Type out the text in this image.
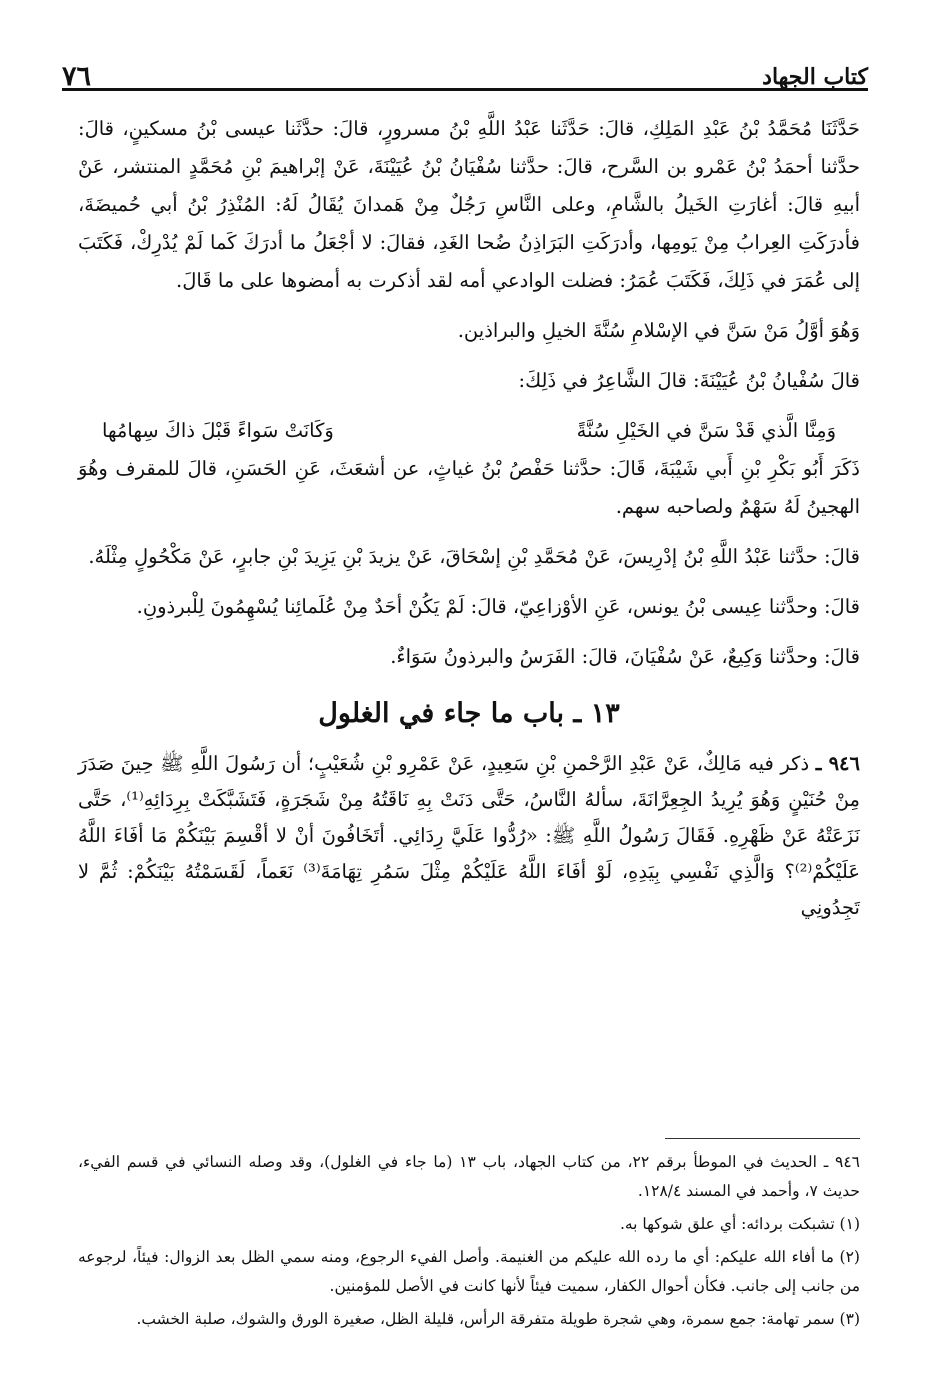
كتاب الجهاد
٧٦

حَدَّثَنَا مُحَمَّدُ بْنُ عَبْدِ المَلِكِ، قالَ: حَدَّثَنا عَبْدُ اللَّهِ بْنُ مسرورٍ، قالَ: حدَّثَنا عيسى بْنُ مسكينٍ، قالَ: حدَّثنا أحمَدُ بْنُ عَمْرو بن السَّرح، قالَ: حدَّثنا سُفْيَانُ بْنُ عُيَيْنَةَ، عَنْ إبْراهيمَ بْنِ مُحَمَّدٍ المنتشر، عَنْ أبيهِ قالَ: أغارَتِ الخَيلُ بالشَّامِ، وعلى النَّاسِ رَجُلٌ مِنْ هَمدانَ يُقَالُ لَهُ: المُنْذِرُ بْنُ أبي حُميضَةَ، فأدرَكَتِ العِرابُ مِنْ يَومِها، وأدرَكَتِ البَرَاذِنُ ضُحا الغَدِ، فقالَ: لا أجْعَلُ ما أدرَكَ كَما لَمْ يُدْرِكْ، فَكَتَبَ إلى عُمَرَ في ذَلِكَ، فَكَتَبَ عُمَرُ: فضلت الوادعي أمه لقد أذكرت به أمضوها على ما قَالَ.

وَهُوَ أوَّلُ مَنْ سَنَّ في الإسْلامِ سُنَّةَ الخيلِ والبراذين.

قالَ سُفْيانُ بْنُ عُيَيْنَةَ: قالَ الشَّاعِرُ في ذَلِكَ:

وَمِنَّا الَّذي قَدْ سَنَّ في الخَيْلِ سُنَّةً
وَكَانَتْ سَواءً قَبْلَ ذاكَ سِهامُها

ذَكَرَ أَبُو بَكْرِ بْنِ أَبي شَيْبَةَ، قَالَ: حدَّثنا حَفْصُ بْنُ غياثٍ، عن أشعَثَ، عَنِ الحَسَنِ، قالَ للمقرف وهُوَ الهجينُ لَهُ سَهْمٌ ولصاحبه سهم.

قالَ: حدَّثنا عَبْدُ اللَّهِ بْنُ إدْرِيسَ، عَنْ مُحَمَّدِ بْنِ إسْحَاقَ، عَنْ يزيدَ بْنِ يَزِيدَ بْنِ جابرٍ، عَنْ مَكْحُولٍ مِثْلَهُ.

قالَ: وحدَّثنا عِيسى بْنُ يونس، عَنِ الأوْزاعِيّ، قالَ: لَمْ يَكُنْ أحَدٌ مِنْ عُلَمائِنا يُسْهِمُونَ لِلْبرذونِ.

قالَ: وحدَّثنا وَكِيعٌ، عَنْ سُفْيَانَ، قالَ: الفَرَسُ والبرذونُ سَوَاءٌ.

١٣ ـ باب ما جاء في الغلول

٩٤٦ ـ ذكر فيه مَالِكٌ، عَنْ عَبْدِ الرَّحْمنِ بْنِ سَعِيدٍ، عَنْ عَمْرِو بْنِ شُعَيْبٍ؛ أن رَسُولَ اللَّهِ ﷺ حِينَ صَدَرَ مِنْ حُنَيْنٍ وَهُوَ يُرِيدُ الجِعِرَّانَةَ، سألهُ النَّاسُ، حَتَّى دَنَتْ بِهِ نَاقَتُهُ مِنْ شَجَرَةٍ، فَتَشَبَّكَتْ بِرِدَائِهِ⁽¹⁾، حَتَّى نَزَعَتْهُ عَنْ ظَهْرِهِ. فَقَالَ رَسُولُ اللَّهِ ﷺ: «رُدُّوا عَلَيَّ رِدَائِي. أتَخَافُونَ أنْ لا أقْسِمَ بَيْنَكُمْ مَا أفَاءَ اللَّهُ عَلَيْكُمْ⁽²⁾؟ وَالَّذِي نَفْسِي بِيَدِهِ، لَوْ أفَاءَ اللَّهُ عَلَيْكُمْ مِثْلَ سَمُرِ تِهَامَةَ⁽³⁾ نَعَماً، لَقَسَمْتُهُ بَيْنَكُمْ: ثُمَّ لا تَجِدُونِي

٩٤٦ ـ الحديث في الموطأ برقم ٢٢، من كتاب الجهاد، باب ١٣ (ما جاء في الغلول)، وقد وصله النسائي في قسم الفيء، حديث ٧، وأحمد في المسند ١٢٨/٤.

(١) تشبكت بردائه: أي علق شوكها به.

(٢) ما أفاء الله عليكم: أي ما رده الله عليكم من الغنيمة. وأصل الفيء الرجوع، ومنه سمي الظل بعد الزوال: فيئاً، لرجوعه من جانب إلى جانب. فكأن أحوال الكفار، سميت فيئاً لأنها كانت في الأصل للمؤمنين.

(٣) سمر تهامة: جمع سمرة، وهي شجرة طويلة متفرقة الرأس، قليلة الظل، صغيرة الورق والشوك، صلبة الخشب.
